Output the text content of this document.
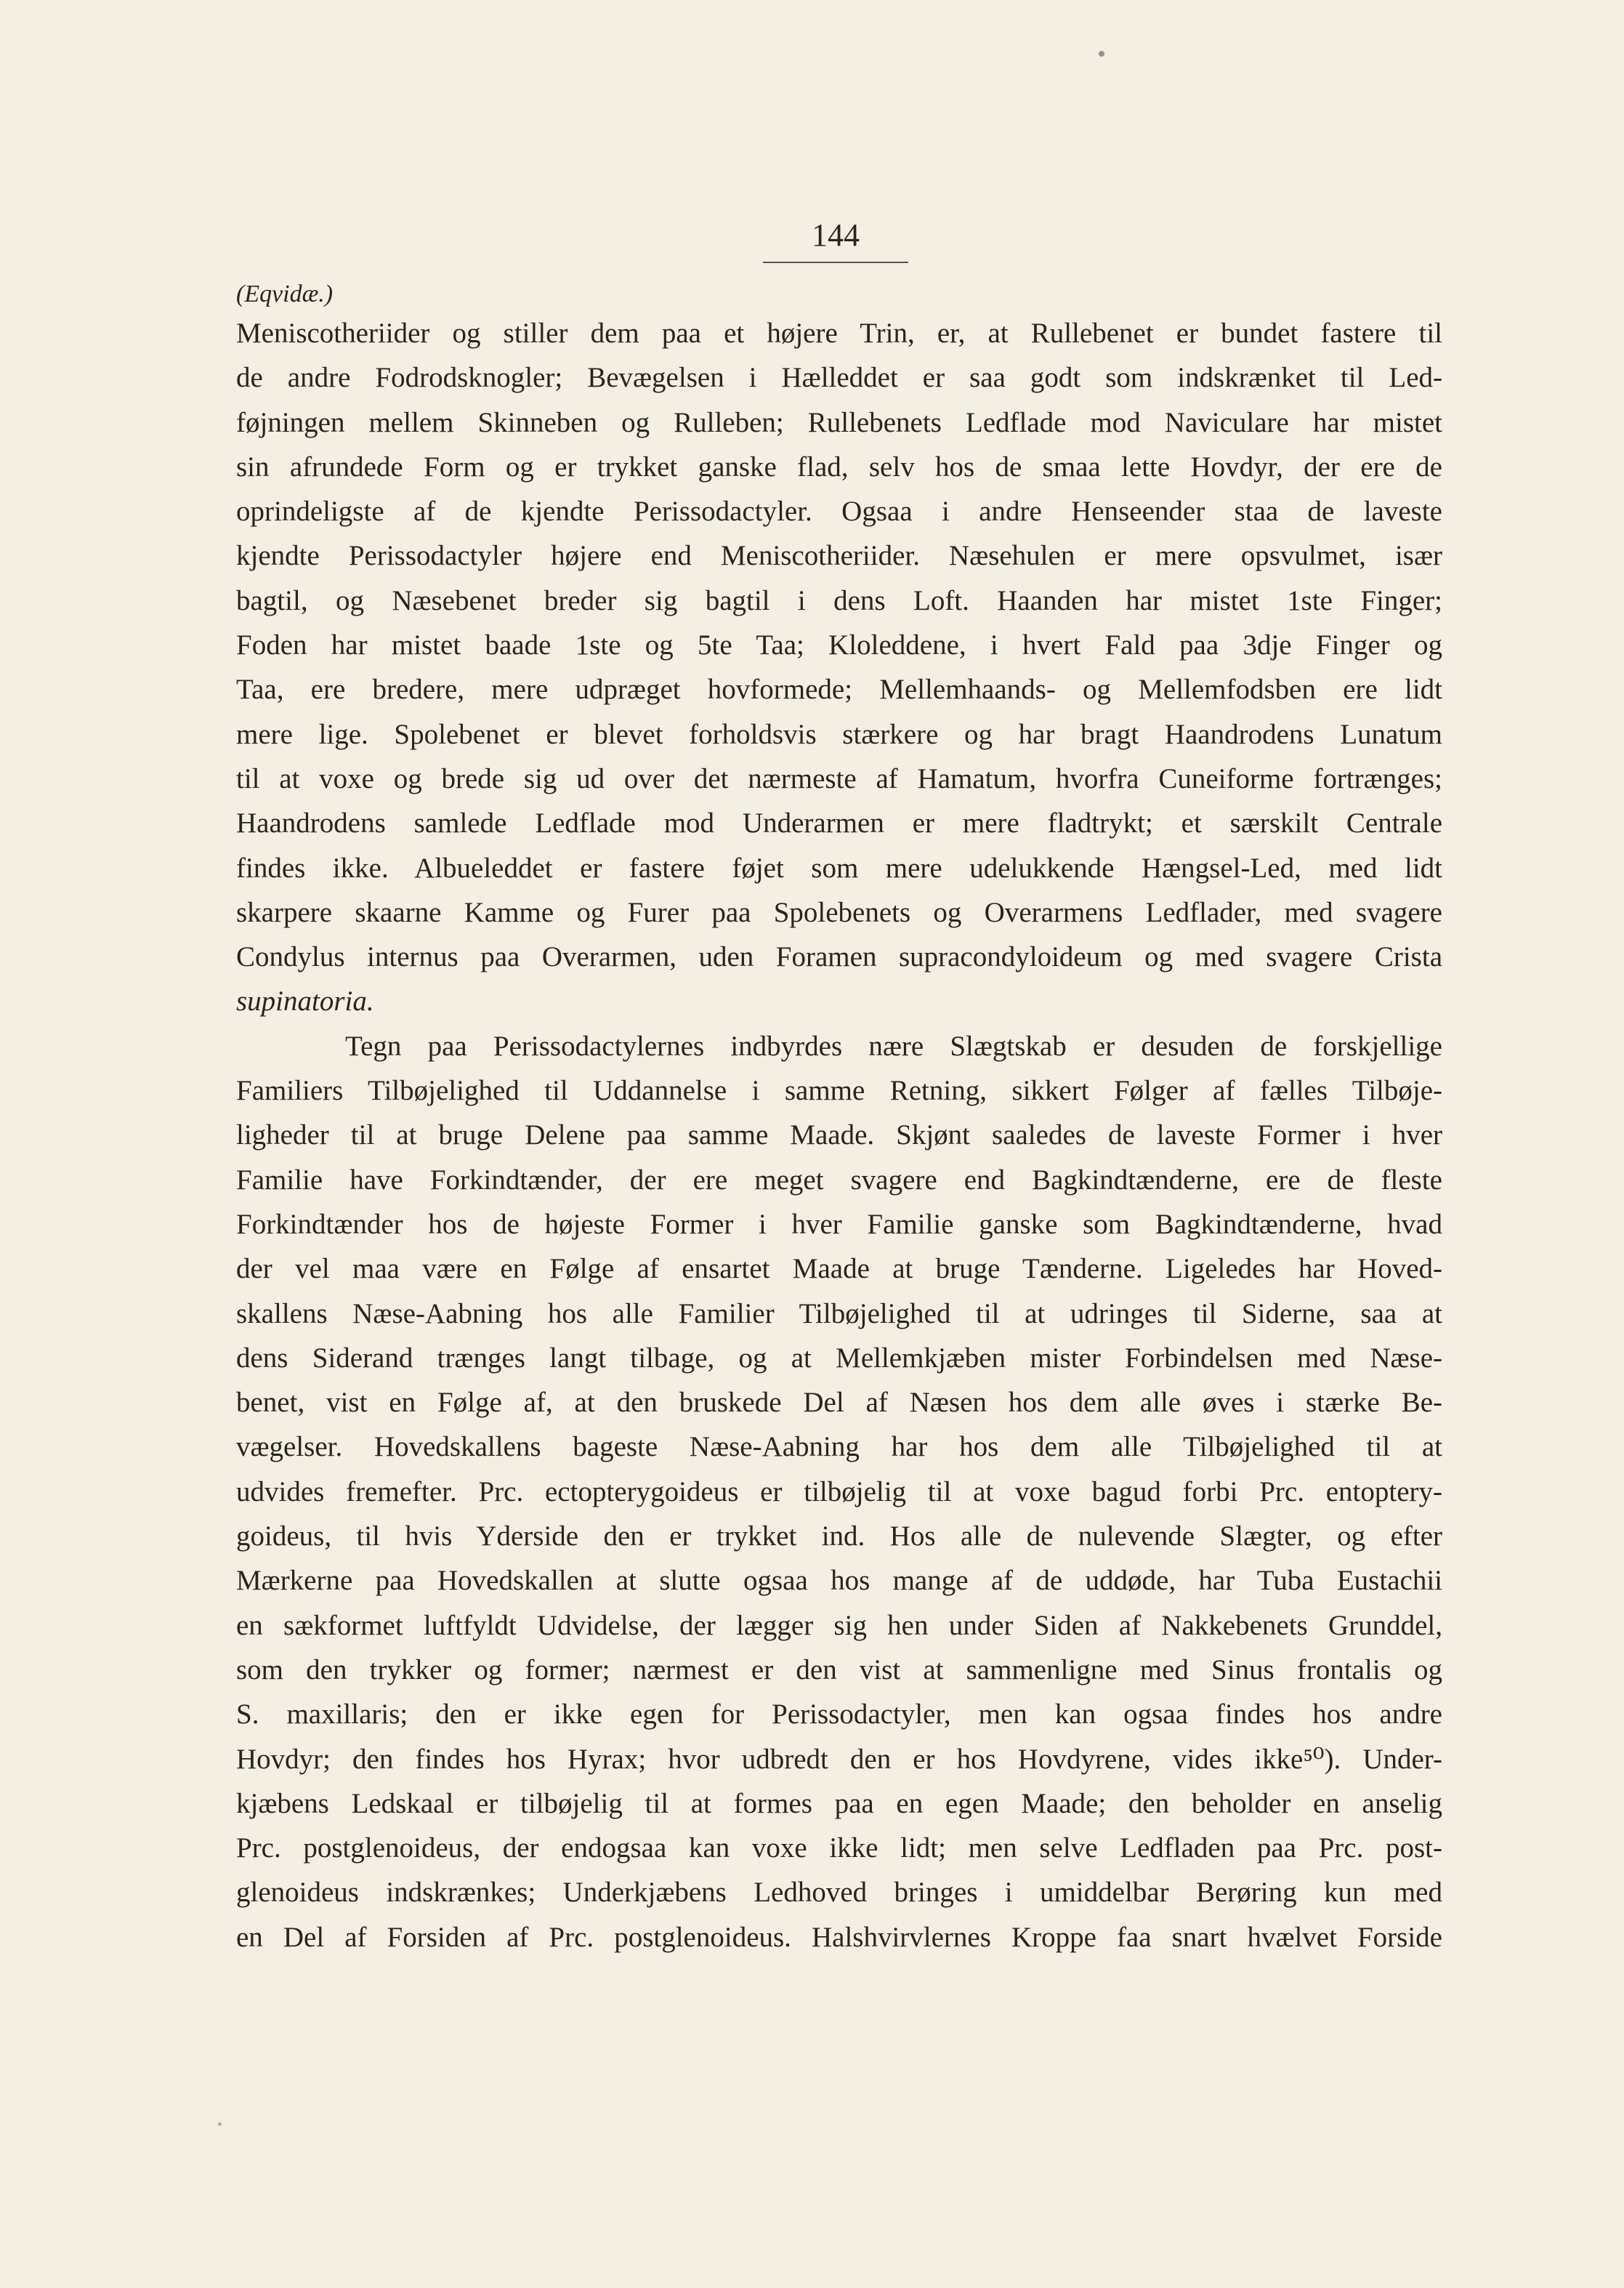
144
(Eqvidæ.)
Meniscotheriider og stiller dem paa et højere Trin, er, at Rullebenet er bundet fastere til
de andre Fodrodsknogler; Bevægelsen i Hælleddet er saa godt som indskrænket til Led-
føjningen mellem Skinneben og Rulleben; Rullebenets Ledflade mod Naviculare har mistet
sin afrundede Form og er trykket ganske flad, selv hos de smaa lette Hovdyr, der ere de
oprindeligste af de kjendte Perissodactyler. Ogsaa i andre Henseender staa de laveste
kjendte Perissodactyler højere end Meniscotheriider. Næsehulen er mere opsvulmet, især
bagtil, og Næsebenet breder sig bagtil i dens Loft. Haanden har mistet 1ste Finger;
Foden har mistet baade 1ste og 5te Taa; Kloleddene, i hvert Fald paa 3dje Finger og
Taa, ere bredere, mere udpræget hovformede; Mellemhaands- og Mellemfodsben ere lidt
mere lige. Spolebenet er blevet forholdsvis stærkere og har bragt Haandrodens Lunatum
til at voxe og brede sig ud over det nærmeste af Hamatum, hvorfra Cuneiforme fortrænges;
Haandrodens samlede Ledflade mod Underarmen er mere fladtrykt; et særskilt Centrale
findes ikke. Albueleddet er fastere føjet som mere udelukkende Hængsel-Led, med lidt
skarpere skaarne Kamme og Furer paa Spolebenets og Overarmens Ledflader, med svagere
Condylus internus paa Overarmen, uden Foramen supracondyloideum og med svagere Crista
supinatoria.
Tegn paa Perissodactylernes indbyrdes nære Slægtskab er desuden de forskjellige
Familiers Tilbøjelighed til Uddannelse i samme Retning, sikkert Følger af fælles Tilbøje-
ligheder til at bruge Delene paa samme Maade. Skjønt saaledes de laveste Former i hver
Familie have Forkindtænder, der ere meget svagere end Bagkindtænderne, ere de fleste
Forkindtænder hos de højeste Former i hver Familie ganske som Bagkindtænderne, hvad
der vel maa være en Følge af ensartet Maade at bruge Tænderne. Ligeledes har Hoved-
skallens Næse-Aabning hos alle Familier Tilbøjelighed til at udringes til Siderne, saa at
dens Siderand trænges langt tilbage, og at Mellemkjæben mister Forbindelsen med Næse-
benet, vist en Følge af, at den bruskede Del af Næsen hos dem alle øves i stærke Be-
vægelser. Hovedskallens bageste Næse-Aabning har hos dem alle Tilbøjelighed til at
udvides fremefter. Prc. ectopterygoideus er tilbøjelig til at voxe bagud forbi Prc. entoptery-
goideus, til hvis Yderside den er trykket ind. Hos alle de nulevende Slægter, og efter
Mærkerne paa Hovedskallen at slutte ogsaa hos mange af de uddøde, har Tuba Eustachii
en sækformet luftfyldt Udvidelse, der lægger sig hen under Siden af Nakkebenets Grunddel,
som den trykker og former; nærmest er den vist at sammenligne med Sinus frontalis og
S. maxillaris; den er ikke egen for Perissodactyler, men kan ogsaa findes hos andre
Hovdyr; den findes hos Hyrax; hvor udbredt den er hos Hovdyrene, vides ikke⁵⁰). Under-
kjæbens Ledskaal er tilbøjelig til at formes paa en egen Maade; den beholder en anselig
Prc. postglenoideus, der endogsaa kan voxe ikke lidt; men selve Ledfladen paa Prc. post-
glenoideus indskrænkes; Underkjæbens Ledhoved bringes i umiddelbar Berøring kun med
en Del af Forsiden af Prc. postglenoideus. Halshvirvlernes Kroppe faa snart hvælvet Forside
